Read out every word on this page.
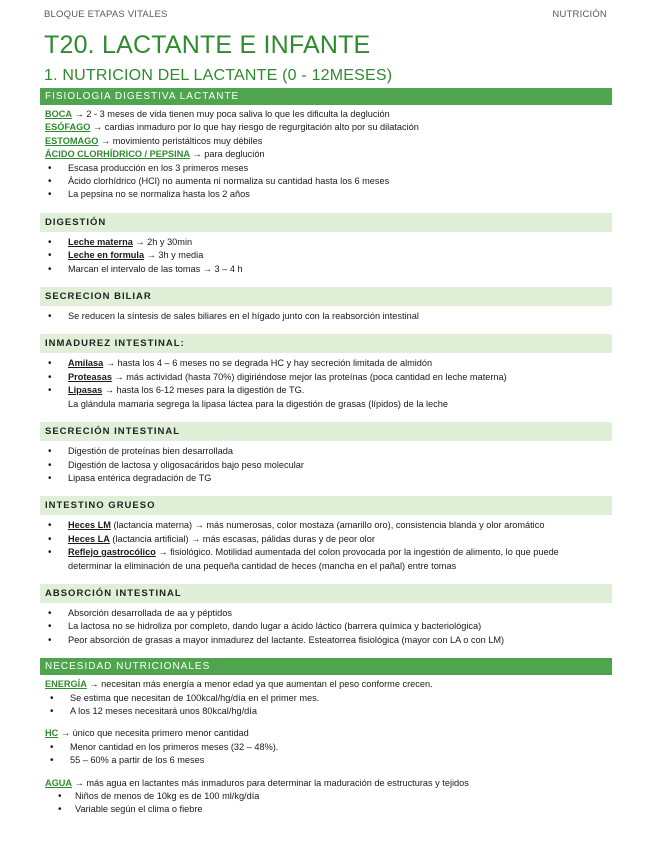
BLOQUE ETAPAS VITALES	NUTRICIÓN
T20. LACTANTE E INFANTE
1. NUTRICION DEL LACTANTE (0 - 12MESES)
FISIOLOGIA DIGESTIVA LACTANTE
BOCA → 2 - 3 meses de vida tienen muy poca saliva lo que les dificulta la deglución
ESÓFAGO → cardias inmaduro por lo que hay riesgo de regurgitación alto por su dilatación
ESTOMAGO → movimiento peristálticos muy débiles
ÁCIDO CLORHÍDRICO / PEPSINA → para deglución
• Escasa producción en los 3 primeros meses
• Ácido clorhídrico (HCl) no aumenta ni normaliza su cantidad hasta los 6 meses
• La pepsina no se normaliza hasta los 2 años
DIGESTIÓN
• Leche materna → 2h y 30min
• Leche en formula → 3h y media
• Marcan el intervalo de las tomas → 3 – 4 h
SECRECION BILIAR
• Se reducen la síntesis de sales biliares en el hígado junto con la reabsorción intestinal
INMADUREZ INTESTINAL:
• Amilasa → hasta los 4 – 6 meses no se degrada HC y hay secreción limitada de almidón
• Proteasas → más actividad (hasta 70%) digiriéndose mejor las proteínas (poca cantidad en leche materna)
• Lipasas → hasta los 6-12 meses para la digestión de TG.
La glándula mamaria segrega la lipasa láctea para la digestión de grasas (lípidos) de la leche
SECRECIÓN INTESTINAL
• Digestión de proteínas bien desarrollada
• Digestión de lactosa y oligosacáridos bajo peso molecular
• Lipasa entérica degradación de TG
INTESTINO GRUESO
• Heces LM (lactancia materna) → más numerosas, color mostaza (amarillo oro), consistencia blanda y olor aromático
• Heces LA (lactancia artificial) → más escasas, pálidas duras y de peor olor
• Reflejo gastrocólico → fisiológico. Motilidad aumentada del colon provocada por la ingestión de alimento, lo que puede
determinar la eliminación de una pequeña cantidad de heces (mancha en el pañal) entre tomas
ABSORCIÓN INTESTINAL
• Absorción desarrollada de aa y péptidos
• La lactosa no se hidroliza por completo, dando lugar a ácido láctico (barrera química y bacteriológica)
• Peor absorción de grasas a mayor inmadurez del lactante. Esteatorrea fisiológica (mayor con LA o con LM)
NECESIDAD NUTRICIONALES
ENERGÍA → necesitan más energía a menor edad ya que aumentan el peso conforme crecen.
• Se estima que necesitan de 100kcal/hg/día en el primer mes.
• A los 12 meses necesitará unos 80kcal/hg/día
HC → único que necesita primero menor cantidad
• Menor cantidad en los primeros meses (32 – 48%).
• 55 – 60% a partir de los 6 meses
AGUA → más agua en lactantes más inmaduros para determinar la maduración de estructuras y tejidos
• Niños de menos de 10kg es de 100 ml/kg/día
• Variable según el clima o fiebre
